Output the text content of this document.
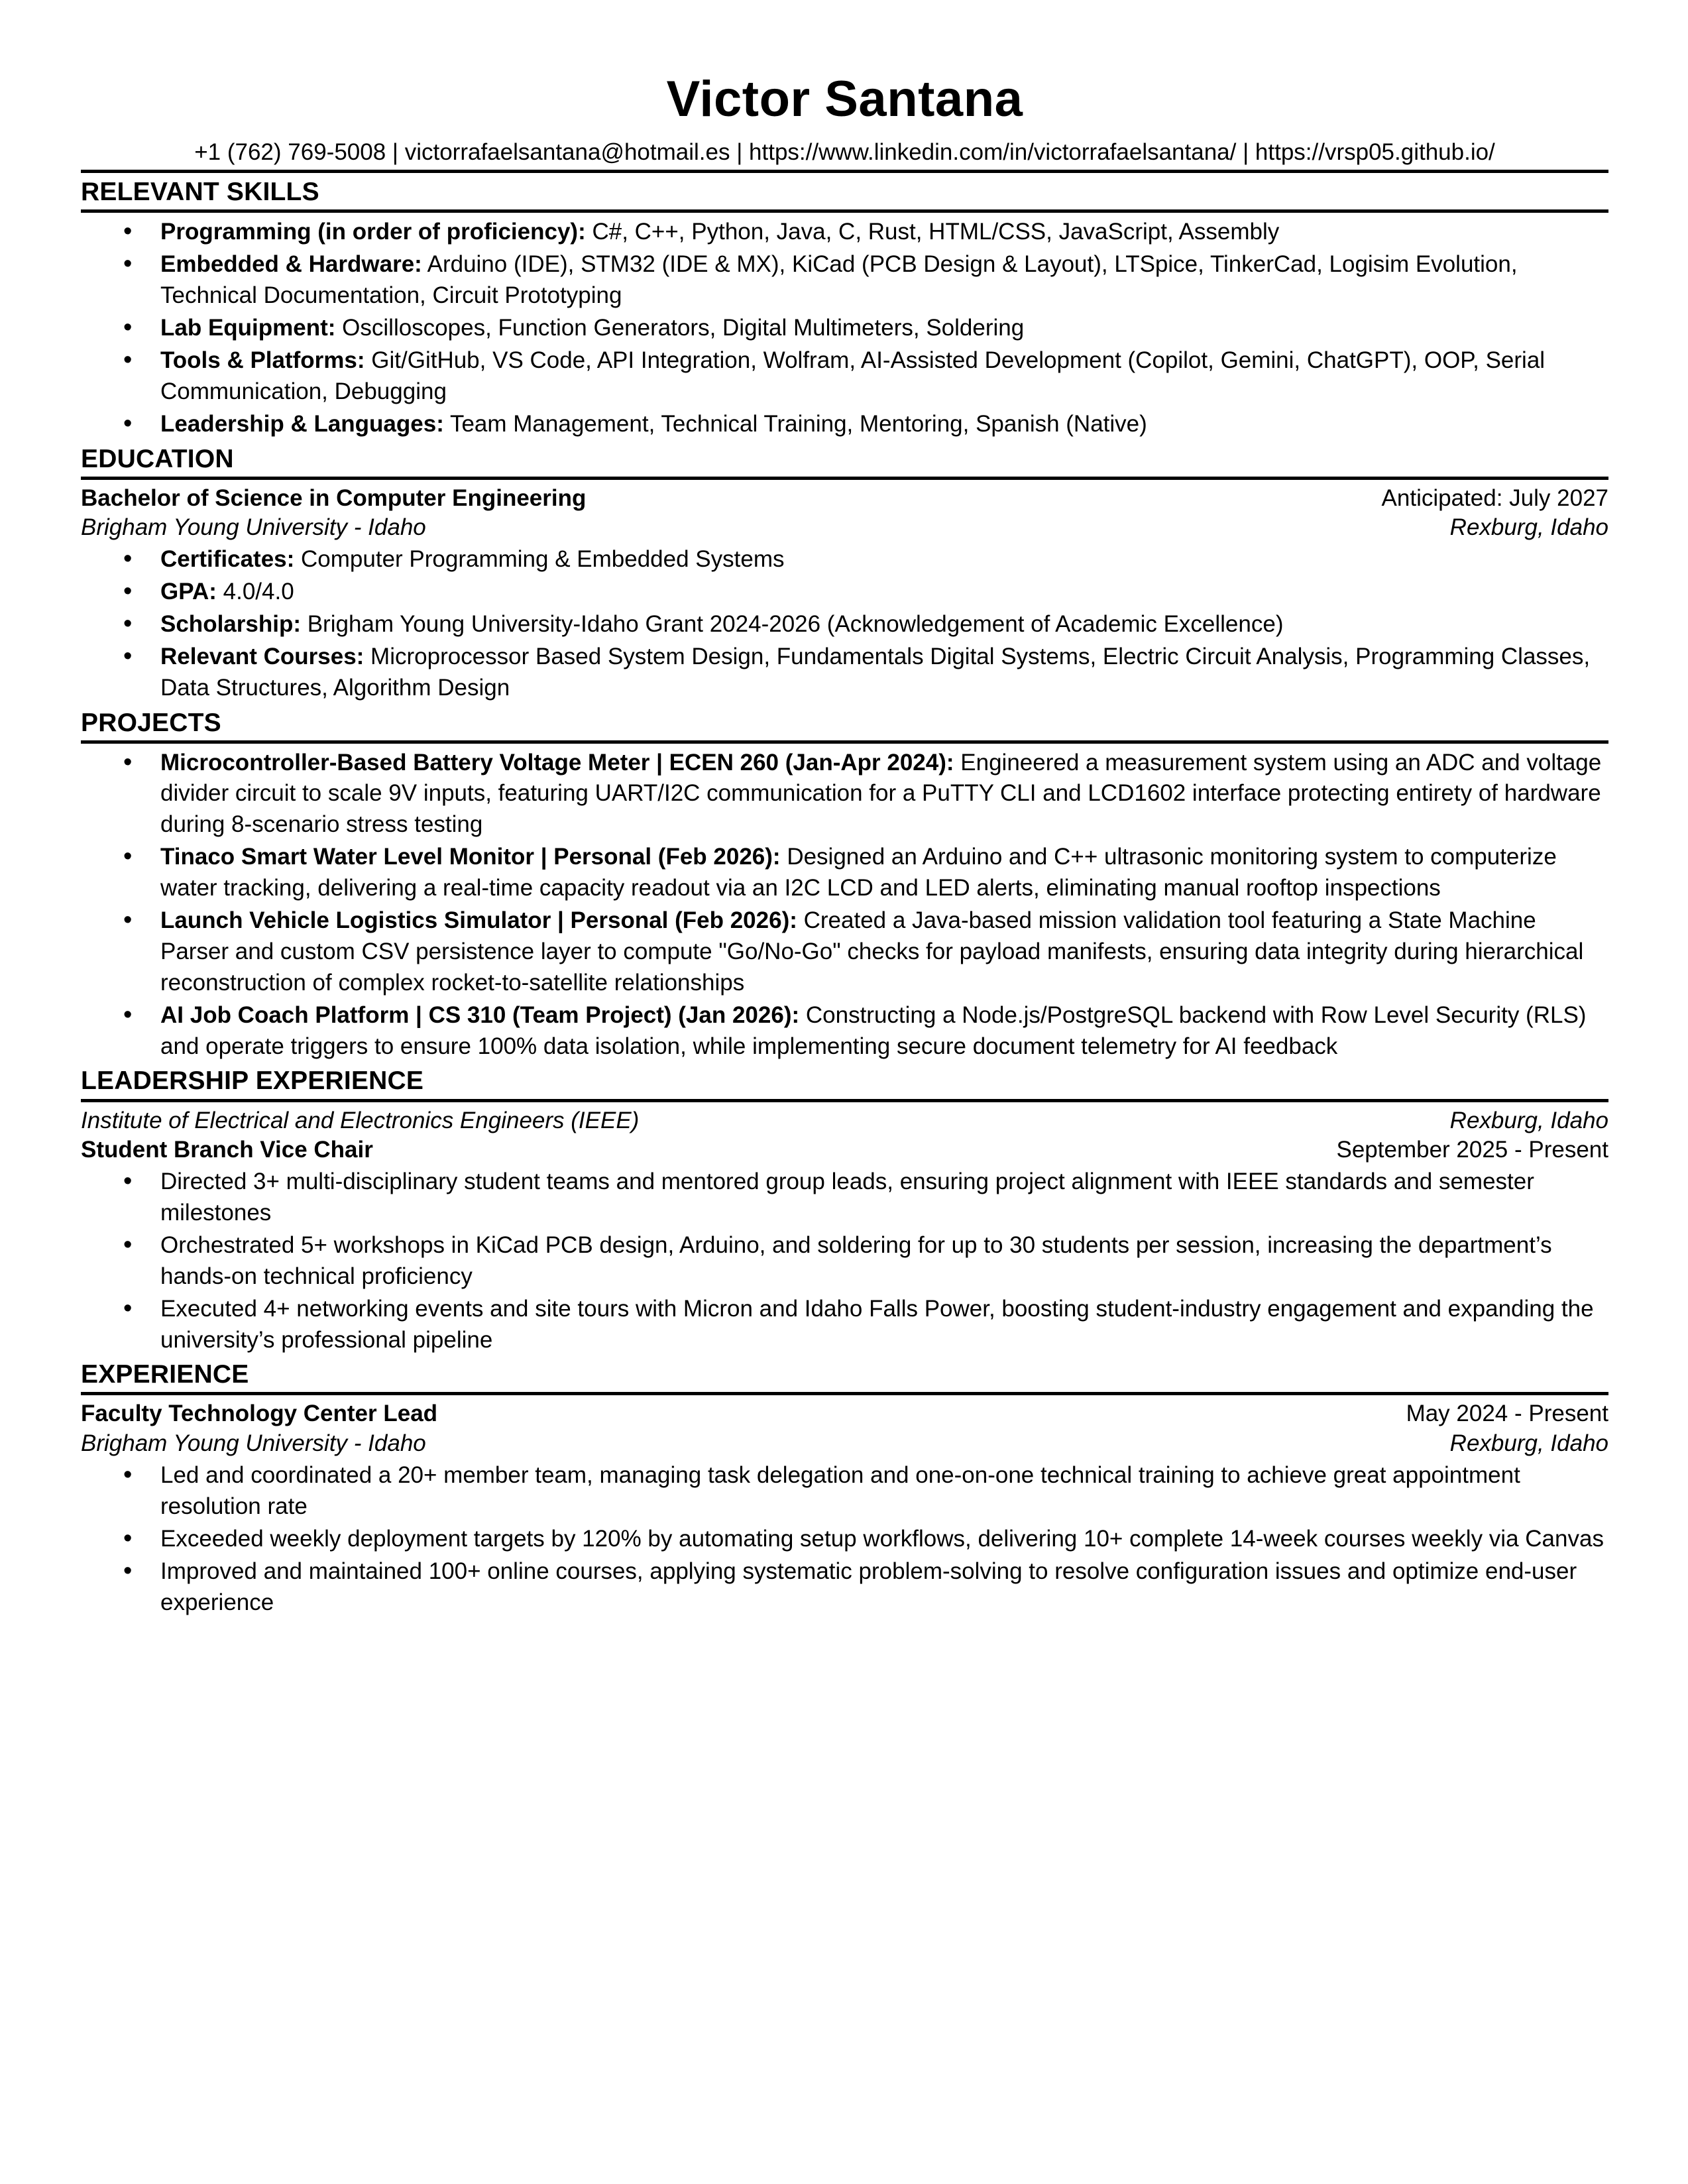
Victor Santana
+1 (762) 769-5008 | victorrafaelsantana@hotmail.es | https://www.linkedin.com/in/victorrafaelsantana/ | https://vrsp05.github.io/
RELEVANT SKILLS
• Programming (in order of proficiency): C#, C++, Python, Java, C, Rust, HTML/CSS, JavaScript, Assembly
• Embedded & Hardware: Arduino (IDE), STM32 (IDE & MX), KiCad (PCB Design & Layout), LTSpice, TinkerCad, Logisim Evolution, Technical Documentation, Circuit Prototyping
• Lab Equipment: Oscilloscopes, Function Generators, Digital Multimeters, Soldering
• Tools & Platforms: Git/GitHub, VS Code, API Integration, Wolfram, AI-Assisted Development (Copilot, Gemini, ChatGPT), OOP, Serial Communication, Debugging
• Leadership & Languages: Team Management, Technical Training, Mentoring, Spanish (Native)
EDUCATION
Bachelor of Science in Computer Engineering	Anticipated: July 2027
Brigham Young University - Idaho	Rexburg, Idaho
• Certificates: Computer Programming & Embedded Systems
• GPA: 4.0/4.0
• Scholarship: Brigham Young University-Idaho Grant 2024-2026 (Acknowledgement of Academic Excellence)
• Relevant Courses: Microprocessor Based System Design, Fundamentals Digital Systems, Electric Circuit Analysis, Programming Classes, Data Structures, Algorithm Design
PROJECTS
• Microcontroller-Based Battery Voltage Meter | ECEN 260 (Jan-Apr 2024): Engineered a measurement system using an ADC and voltage divider circuit to scale 9V inputs, featuring UART/I2C communication for a PuTTY CLI and LCD1602 interface protecting entirety of hardware during 8-scenario stress testing
• Tinaco Smart Water Level Monitor | Personal (Feb 2026): Designed an Arduino and C++ ultrasonic monitoring system to computerize water tracking, delivering a real-time capacity readout via an I2C LCD and LED alerts, eliminating manual rooftop inspections
• Launch Vehicle Logistics Simulator | Personal (Feb 2026): Created a Java-based mission validation tool featuring a State Machine Parser and custom CSV persistence layer to compute "Go/No-Go" checks for payload manifests, ensuring data integrity during hierarchical reconstruction of complex rocket-to-satellite relationships
• AI Job Coach Platform | CS 310 (Team Project) (Jan 2026): Constructing a Node.js/PostgreSQL backend with Row Level Security (RLS) and operate triggers to ensure 100% data isolation, while implementing secure document telemetry for AI feedback
LEADERSHIP EXPERIENCE
Institute of Electrical and Electronics Engineers (IEEE)	Rexburg, Idaho
Student Branch Vice Chair	September 2025 - Present
• Directed 3+ multi-disciplinary student teams and mentored group leads, ensuring project alignment with IEEE standards and semester milestones
• Orchestrated 5+ workshops in KiCad PCB design, Arduino, and soldering for up to 30 students per session, increasing the department’s hands-on technical proficiency
• Executed 4+ networking events and site tours with Micron and Idaho Falls Power, boosting student-industry engagement and expanding the university’s professional pipeline
EXPERIENCE
Faculty Technology Center Lead	May 2024 - Present
Brigham Young University - Idaho	Rexburg, Idaho
• Led and coordinated a 20+ member team, managing task delegation and one-on-one technical training to achieve great appointment resolution rate
• Exceeded weekly deployment targets by 120% by automating setup workflows, delivering 10+ complete 14-week courses weekly via Canvas
• Improved and maintained 100+ online courses, applying systematic problem-solving to resolve configuration issues and optimize end-user experience
